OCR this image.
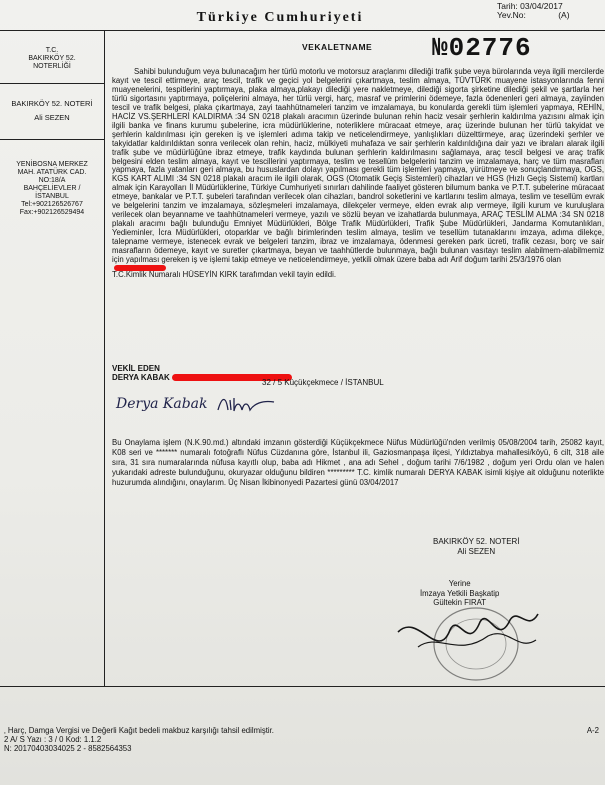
Tarih: 03/04/2017
Yev.No:	(A)
Türkiye Cumhuriyeti
T.C.
BAKIRKÖY 52.
NOTERLİĞİ
BAKIRKÖY 52. NOTERİ
Ali SEZEN
YENİBOSNA MERKEZ
MAH. ATATÜRK CAD.
NO:18/A
BAHÇELİEVLER /
İSTANBUL
Tel:+902126526767
Fax:+902126529494
VEKALETNAME №02776

Sahibi bulunduğum veya bulunacağım her türlü motorlu ve motorsuz araçlarımı dilediği trafik şube veya bürolarında veya ilgili mercilerde kayıt ve tescil ettirmeye, araç tescil, trafik ve geçici yol belgelerini çıkartmaya, teslim almaya, TÜVTÜRK muayene istasyonlarında fenni muayenelerini, tespitlerini yaptırmaya, plaka almaya,plakayı dilediği yere nakletmeye, dilediği sigorta şirketine dilediği şekil ve şartlarla her türlü sigortasını yaptırmaya, poliçelerini almaya, her türlü vergi, harç, masraf ve primlerini ödemeye, fazla ödenenleri geri almaya, zayiinden tescil ve trafik belgesi, plaka çıkartmaya, zayi taahhütnameleri tanzim ve imzalamaya, bu konularda gerekli tüm işlemleri yapmaya, REHİN, HACİZ VS.ŞERHLERİ KALDIRMA :34 SN 0218 plakalı aracımın üzerinde bulunan rehin haciz vesair şerhlerin kaldırılma yazısını almak için ilgili banka ve finans kurumu şubelerine, icra müdürlüklerine, noterliklere müracaat etmeye, araç üzerinde bulunan her türlü takyidat ve şerhlerin kaldırılması için gereken iş ve işlemleri adıma takip ve neticelendirmeye, yanlışlıkları düzelttirmeye, araç üzerindeki şerhler ve takyidatlar kaldırıldıktan sonra verilecek olan rehin, haciz, mülkiyeti muhafaza ve sair şerhlerin kaldırıldığına dair yazı ve ibraları alarak ilgili trafik şube ve müdürlüğüne ibraz etmeye, trafik kaydında bulunan şerhlerin kaldırılmasını sağlamaya, araç tescil belgesi ve araç trafik belgesini elden teslim almaya, kayıt ve tescillerini yaptırmaya, teslim ve tesellüm belgelerini tanzim ve imzalamaya, harç ve tüm masrafları yapmaya, fazla yatanları geri almaya, bu hususlardan dolayı yapılması gerekli tüm işlemleri yapmaya, yürütmeye ve sonuçlandırmaya, OGS, KGS KART ALIMI :34 SN 0218 plakalı aracım ile ilgili olarak, OGS (Otomatik Geçiş Sistemleri) cihazları ve HGS (Hızlı Geçiş Sistemi) kartları almak için Karayolları İl Müdürlüklerine, Türkiye Cumhuriyeti sınırları dahilinde faaliyet gösteren bilumum banka ve P.T.T. şubelerine müracaat etmeye, bankalar ve P.T.T. şubeleri tarafından verilecek olan cihazları, bandrol soketlerini ve kartlarını teslim almaya, teslim ve tesellüm evrak ve belgelerini tanzim ve imzalamaya, sözleşmeleri imzalamaya, dilekçeler vermeye, elden evrak alıp vermeye, ilgili kurum ve kuruluşlara verilecek olan beyanname ve taahhütnameleri vermeye, yazılı ve sözlü beyan ve izahatlarda bulunmaya, ARAÇ TESLİM ALMA :34 SN 0218 plakalı aracımı bağlı bulunduğu Emniyet Müdürlükleri, Bölge Trafik Müdürlükleri, Trafik Şube Müdürlükleri, Jandarma Komutanlıkları, Yedieminler, İcra Müdürlükleri, otoparklar ve bağlı birimlerinden teslim almaya, teslim ve tesellüm tutanaklarını imzaya, adıma dilekçe, talepname vermeye, istenecek evrak ve belgeleri tanzim, ibraz ve imzalamaya, ödenmesi gereken park ücreti, trafik cezası, borç ve sair masrafların ödemeye, kayıt ve suretler çıkartmaya, beyan ve taahhütlerde bulunmaya, bağlı bulunan vasıtayı teslim alabilmem-alabilmemiz için yapılması gereken iş ve işlemi takip etmeye ve neticelendirmeye, yetkili olmak üzere baba adı Arif doğum tarihi 25/3/1976 olan

T.C.Kimlik Numaralı HÜSEYİN KIRK tarafımdan vekil tayin edildi.
VEKİL EDEN
DERYA KABAK
32 / 5 Küçükçekmece / İSTANBUL
Derya Kabak
Bu Onaylama işlem (N.K.90.md.) altındaki imzanın gösterdiği Küçükçekmece Nüfus Müdürlüğü'nden verilmiş 05/08/2004 tarih, 25082 kayıt, K08 seri ve ******* numaralı fotoğraflı Nüfus Cüzdanına göre, İstanbul ili, Gaziosmanpaşa ilçesi, Yıldıztabya mahallesi/köyü, 6 cilt, 318 aile sıra, 31 sıra numaralarında nüfusa kayıtlı olup, baba adı Hikmet , ana adı Sehel , doğum tarihi 7/6/1982 , doğum yeri Ordu olan ve halen yukarıdaki adreste bulunduğunu, okuryazar olduğunu bildiren ********* T.C. kimlik numaralı DERYA KABAK isimli kişiye ait olduğunu noterlikte huzurumda alındığını, onaylarım. Üç Nisan İkibinonyedi Pazartesi günü 03/04/2017
BAKIRKÖY 52. NOTERİ
Ali SEZEN
Yerine
İmzaya Yetkili Başkatip
Gültekin FIRAT
‚ Harç, Damga Vergisi ve Değerli Kağıt bedeli makbuz karşılığı tahsil edilmiştir.
2 A/ S Yazı : 3 / 0 Kod: 1.1.2
N: 20170403034025 2 - 8582564353
A-2
